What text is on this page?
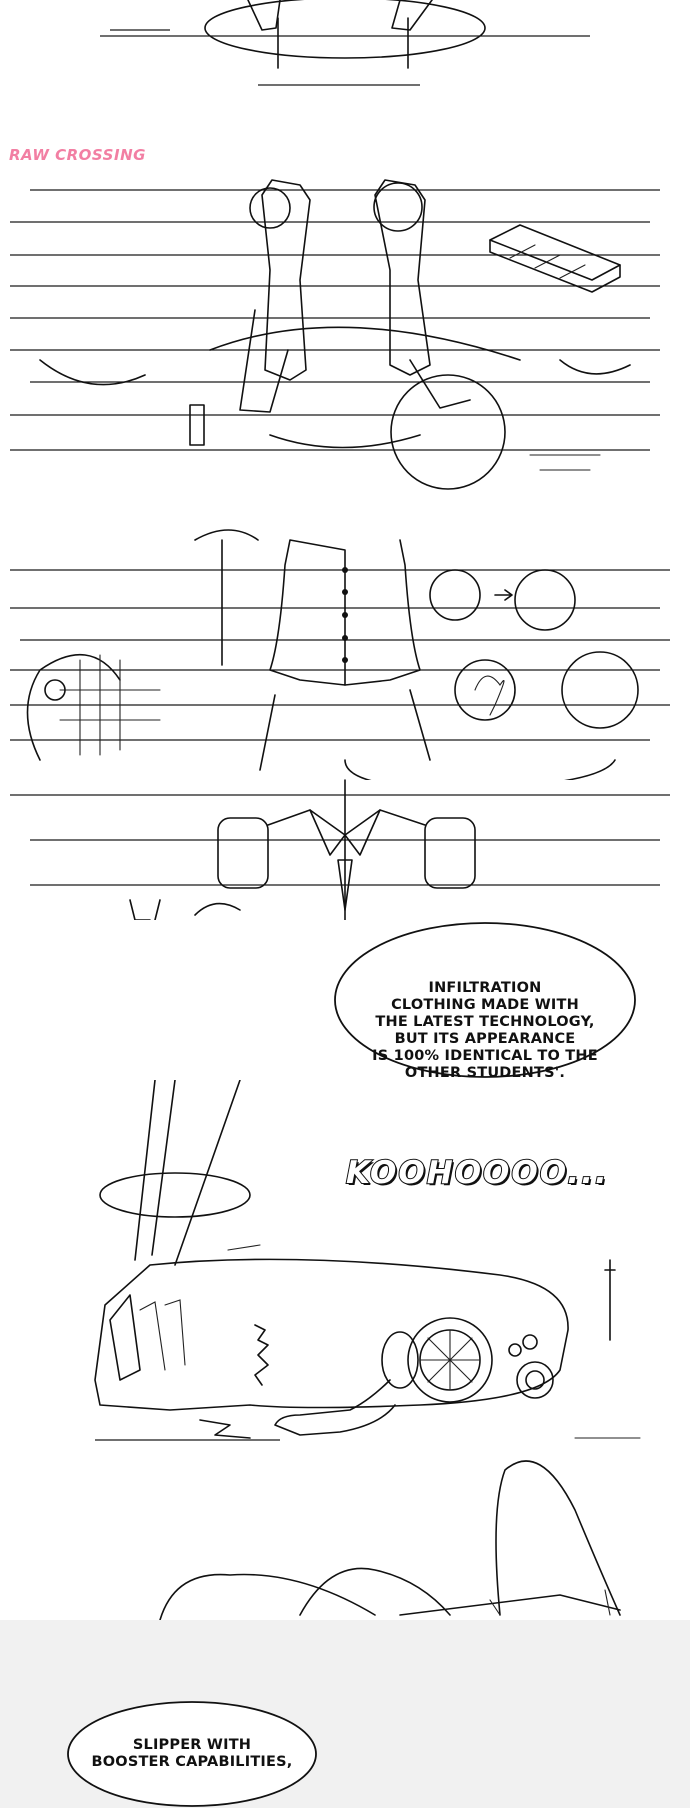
RAW CROSSING
INFILTRATION
CLOTHING MADE WITH
THE LATEST TECHNOLOGY,
BUT ITS APPEARANCE
IS 100% IDENTICAL TO THE
OTHER STUDENTS'.
KOOHOOOO...
SLIPPER WITH
BOOSTER CAPABILITIES,
